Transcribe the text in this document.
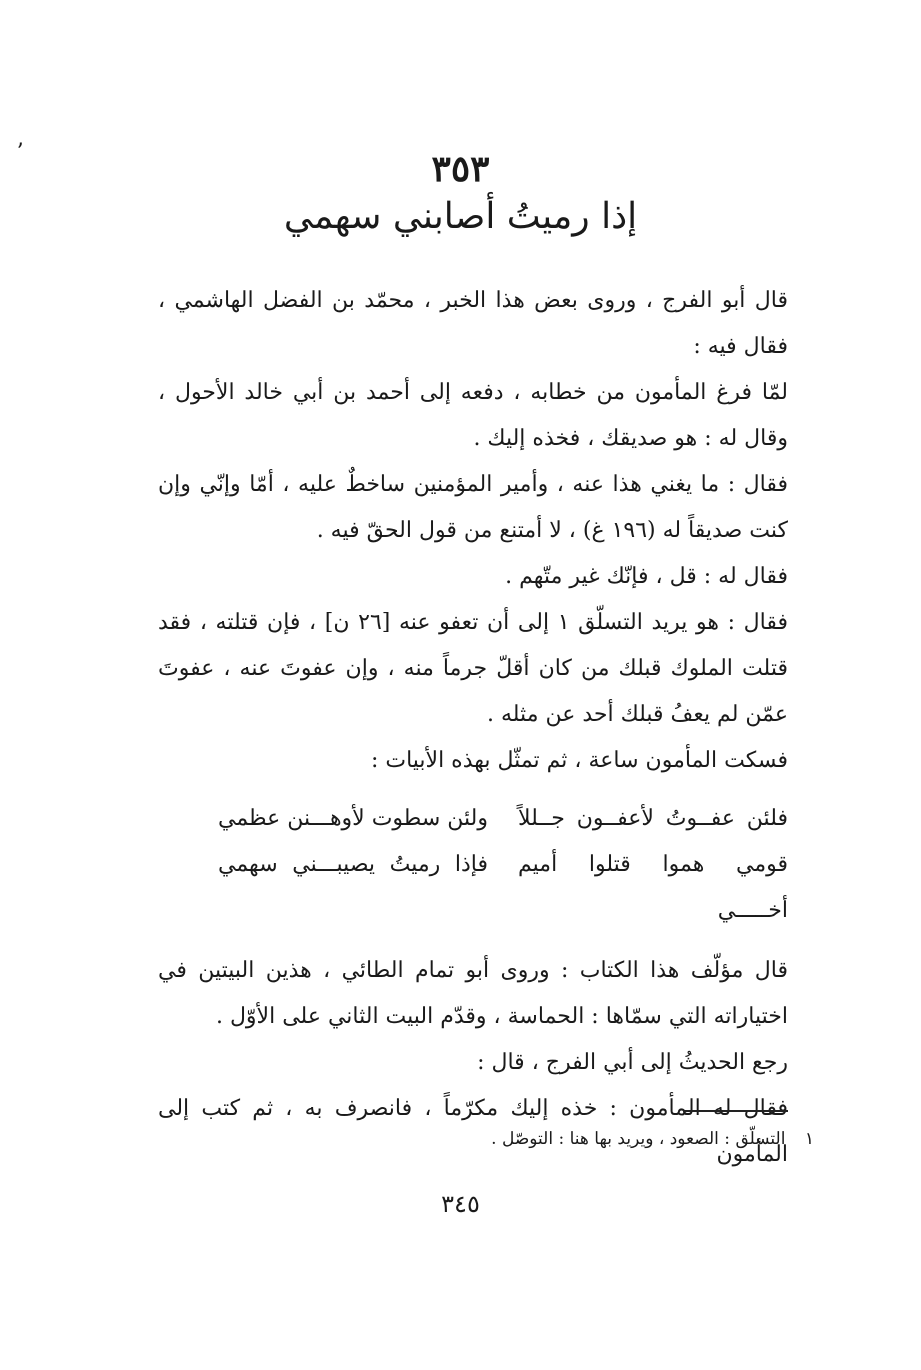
ʼ	٣٥٣
إذا رميتُ أصابني سهمي

قال أبو الفرج ، وروى بعض هذا الخبر ، محمّد بن الفضل الهاشمي ، فقال فيه :

لمّا فرغ المأمون من خطابه ، دفعه إلى أحمد بن أبي خالد الأحول ، وقال له : هو صديقك ، فخذه إليك .

فقال : ما يغني هذا عنه ، وأمير المؤمنين ساخطٌ عليه ، أمّا وإنّي وإن كنت صديقاً له (١٩٦ غ) ، لا أمتنع من قول الحقّ فيه .

فقال له : قل ، فإنّك غير متّهم .

فقال : هو يريد التسلّق ١ إلى أن تعفو عنه [٢٦ ن] ، فإن قتلته ، فقد قتلت الملوك قبلك من كان أقلّ جرماً منه ، وإن عفوتَ عنه ، عفوتَ عمّن لم يعفُ قبلك أحد عن مثله .

فسكت المأمون ساعة ، ثم تمثّل بهذه الأبيات :

فلئن عفــوتُ لأعفــون جــللاً
ولئن سطوت لأوهـــنن عظمي
قومي هموا قتلوا أميم أخـــــي
فإذا رميتُ يصيبـــني سهمي

قال مؤلّف هذا الكتاب : وروى أبو تمام الطائي ، هذين البيتين في اختياراته التي سمّاها : الحماسة ، وقدّم البيت الثاني على الأوّل .

رجع الحديثُ إلى أبي الفرج ، قال :

فقال له المأمون : خذه إليك مكرّماً ، فانصرف به ، ثم كتب إلى المأمون

١ التسلّق : الصعود ، ويريد بها هنا : التوصّل .
٣٤٥
